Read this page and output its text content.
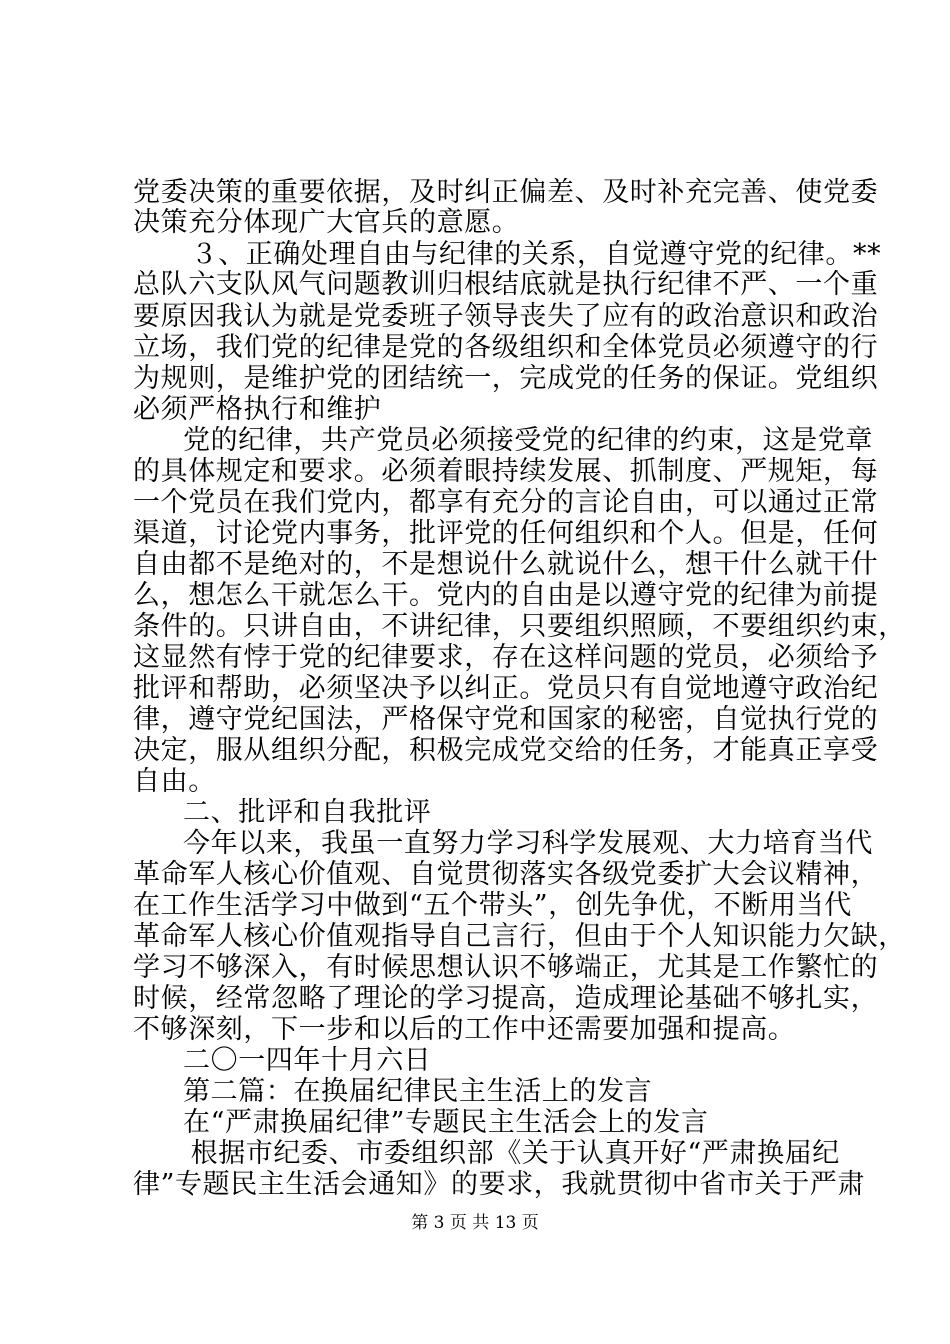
党委决策的重要依据，及时纠正偏差、及时补充完善、使党委
决策充分体现广大官兵的意愿。
　３、正确处理自由与纪律的关系，自觉遵守党的纪律。**
总队六支队风气问题教训归根结底就是执行纪律不严、一个重
要原因我认为就是党委班子领导丧失了应有的政治意识和政治
立场，我们党的纪律是党的各级组织和全体党员必须遵守的行
为规则，是维护党的团结统一，完成党的任务的保证。党组织
必须严格执行和维护
党的纪律，共产党员必须接受党的纪律的约束，这是党章
的具体规定和要求。必须着眼持续发展、抓制度、严规矩，每
一个党员在我们党内，都享有充分的言论自由，可以通过正常
渠道，讨论党内事务，批评党的任何组织和个人。但是，任何
自由都不是绝对的，不是想说什么就说什么，想干什么就干什
么，想怎么干就怎么干。党内的自由是以遵守党的纪律为前提
条件的。只讲自由，不讲纪律，只要组织照顾，不要组织约束，
这显然有悖于党的纪律要求，存在这样问题的党员，必须给予
批评和帮助，必须坚决予以纠正。党员只有自觉地遵守政治纪
律，遵守党纪国法，严格保守党和国家的秘密，自觉执行党的
决定，服从组织分配，积极完成党交给的任务，才能真正享受
自由。
二、批评和自我批评
今年以来，我虽一直努力学习科学发展观、大力培育当代
革命军人核心价值观、自觉贯彻落实各级党委扩大会议精神，
在工作生活学习中做到“五个带头”，创先争优，不断用当代
革命军人核心价值观指导自己言行，但由于个人知识能力欠缺，
学习不够深入，有时候思想认识不够端正，尤其是工作繁忙的
时候，经常忽略了理论的学习提高，造成理论基础不够扎实，
不够深刻，下一步和以后的工作中还需要加强和提高。
二〇一四年十月六日
第二篇：在换届纪律民主生活上的发言
在“严肃换届纪律”专题民主生活会上的发言
　根据市纪委、市委组织部《关于认真开好“严肃换届纪
律”专题民主生活会通知》的要求，我就贯彻中省市关于严肃
第 3 页 共 13 页
